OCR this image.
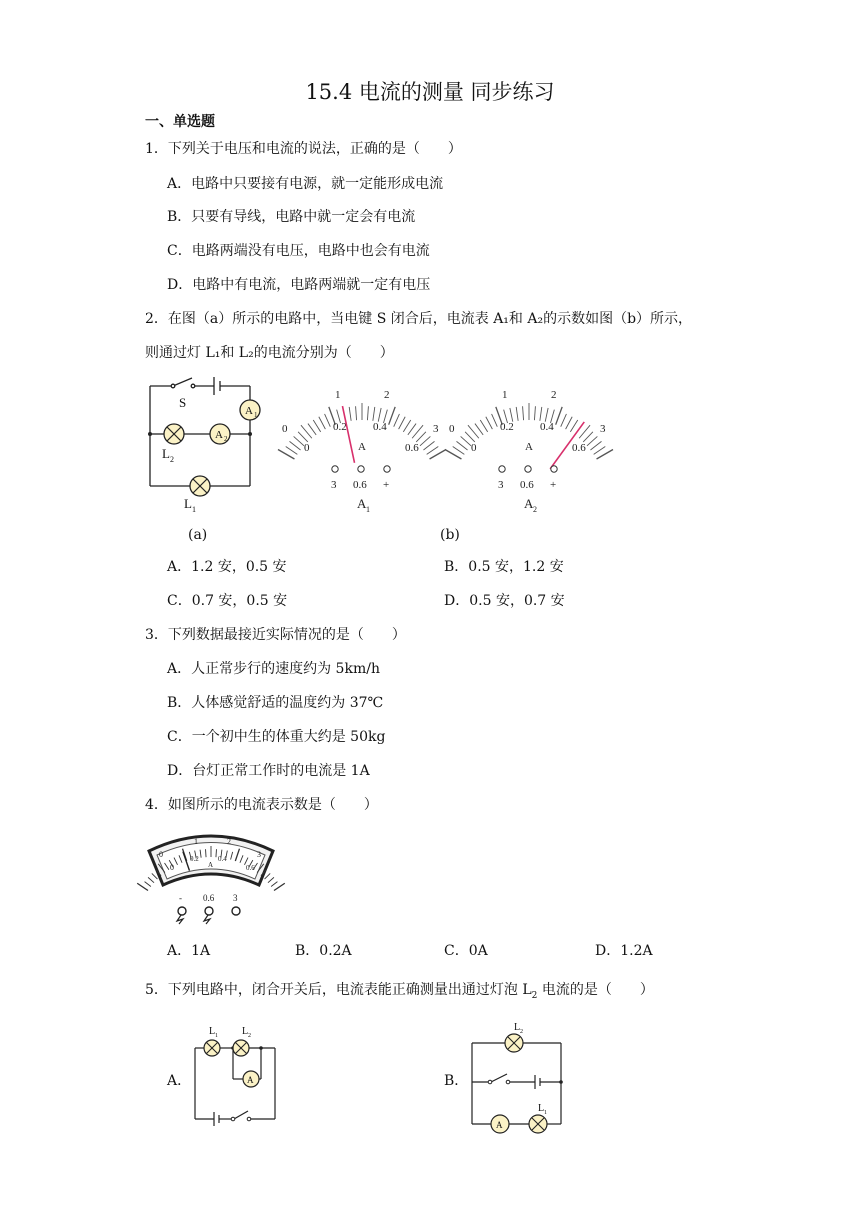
15.4 电流的测量 同步练习
一、单选题
1．下列关于电压和电流的说法，正确的是（　　）
A．电路中只要接有电源，就一定能形成电流
B．只要有导线，电路中就一定会有电流
C．电路两端没有电压，电路中也会有电流
D．电路中有电流，电路两端就一定有电压
2．在图（a）所示的电路中，当电键 S 闭合后，电流表 A₁和 A₂的示数如图（b）所示，
则通过灯 L₁和 L₂的电流分别为（　　）
S
A 1
A 2
L 2
L 1
(a)	(b)
0
1	2
3
0
0.2 0.4
0.6
A
3 0.6 +
A 1
0
1	2
3
0
0.2 0.4
0.6
A
3 0.6 +
A 2
A．1.2 安，0.5 安	B．0.5 安，1.2 安
C．0.7 安，0.5 安	D．0.5 安，0.7 安
3．下列数据最接近实际情况的是（　　）
A．人正常步行的速度约为 5km/h
B．人体感觉舒适的温度约为 37℃
C．一个初中生的体重大约是 50kg
D．台灯正常工作时的电流是 1A
4．如图所示的电流表示数是（　　）
0
1	2
3
0
0.2	0.4
0.6
A
- 0.6 3
A．1A	B．0.2A	C．0A	D．1.2A
5．下列电路中，闭合开关后，电流表能正确测量出通过灯泡 $L_2$ 电流的是（　　）
A．	A
L 1 L 2
B．
A
L 2
L 1
